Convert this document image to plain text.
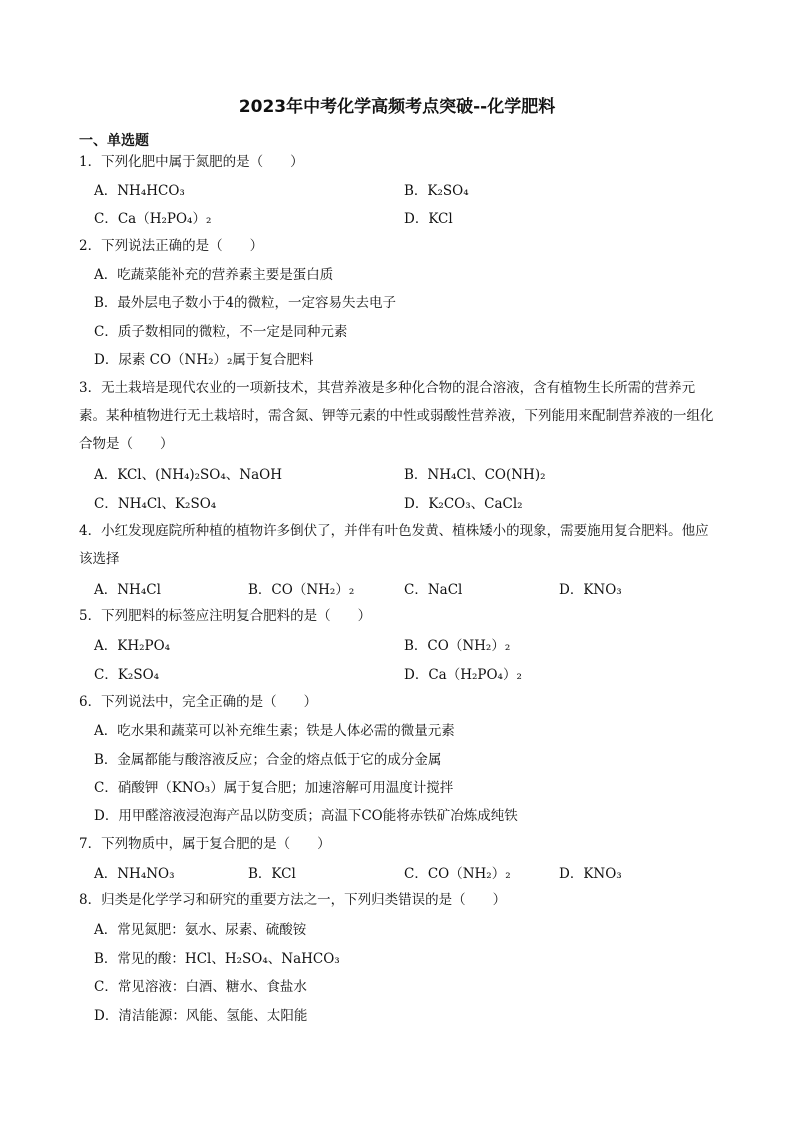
2023年中考化学高频考点突破--化学肥料
一、单选题
1．下列化肥中属于氮肥的是（　　）
A．NH₄HCO₃	B．K₂SO₄
C．Ca（H₂PO₄）₂	D．KCl
2．下列说法正确的是（　　）
A．吃蔬菜能补充的营养素主要是蛋白质
B．最外层电子数小于4的微粒，一定容易失去电子
C．质子数相同的微粒，不一定是同种元素
D．尿素 CO（NH₂）₂属于复合肥料
3．无土栽培是现代农业的一项新技术，其营养液是多种化合物的混合溶液，含有植物生长所需的营养元素。某种植物进行无土栽培时，需含氮、钾等元素的中性或弱酸性营养液，下列能用来配制营养液的一组化合物是（　　）
A．KCl、(NH₄)₂SO₄、NaOH	B．NH₄Cl、CO(NH)₂
C．NH₄Cl、K₂SO₄	D．K₂CO₃、CaCl₂
4．小红发现庭院所种植的植物许多倒伏了，并伴有叶色发黄、植株矮小的现象，需要施用复合肥料。他应该选择
A．NH₄Cl	B．CO（NH₂）₂	C．NaCl	D．KNO₃
5．下列肥料的标签应注明复合肥料的是（　　）
A．KH₂PO₄	B．CO（NH₂）₂
C．K₂SO₄	D．Ca（H₂PO₄）₂
6．下列说法中，完全正确的是（　　）
A．吃水果和蔬菜可以补充维生素；铁是人体必需的微量元素
B．金属都能与酸溶液反应；合金的熔点低于它的成分金属
C．硝酸钾（KNO₃）属于复合肥；加速溶解可用温度计搅拌
D．用甲醛溶液浸泡海产品以防变质；高温下CO能将赤铁矿冶炼成纯铁
7．下列物质中，属于复合肥的是（　　）
A．NH₄NO₃	B．KCl	C．CO（NH₂）₂	D．KNO₃
8．归类是化学学习和研究的重要方法之一，下列归类错误的是（　　）
A．常见氮肥：氨水、尿素、硫酸铵
B．常见的酸：HCl、H₂SO₄、NaHCO₃
C．常见溶液：白酒、糖水、食盐水
D．清洁能源：风能、氢能、太阳能
